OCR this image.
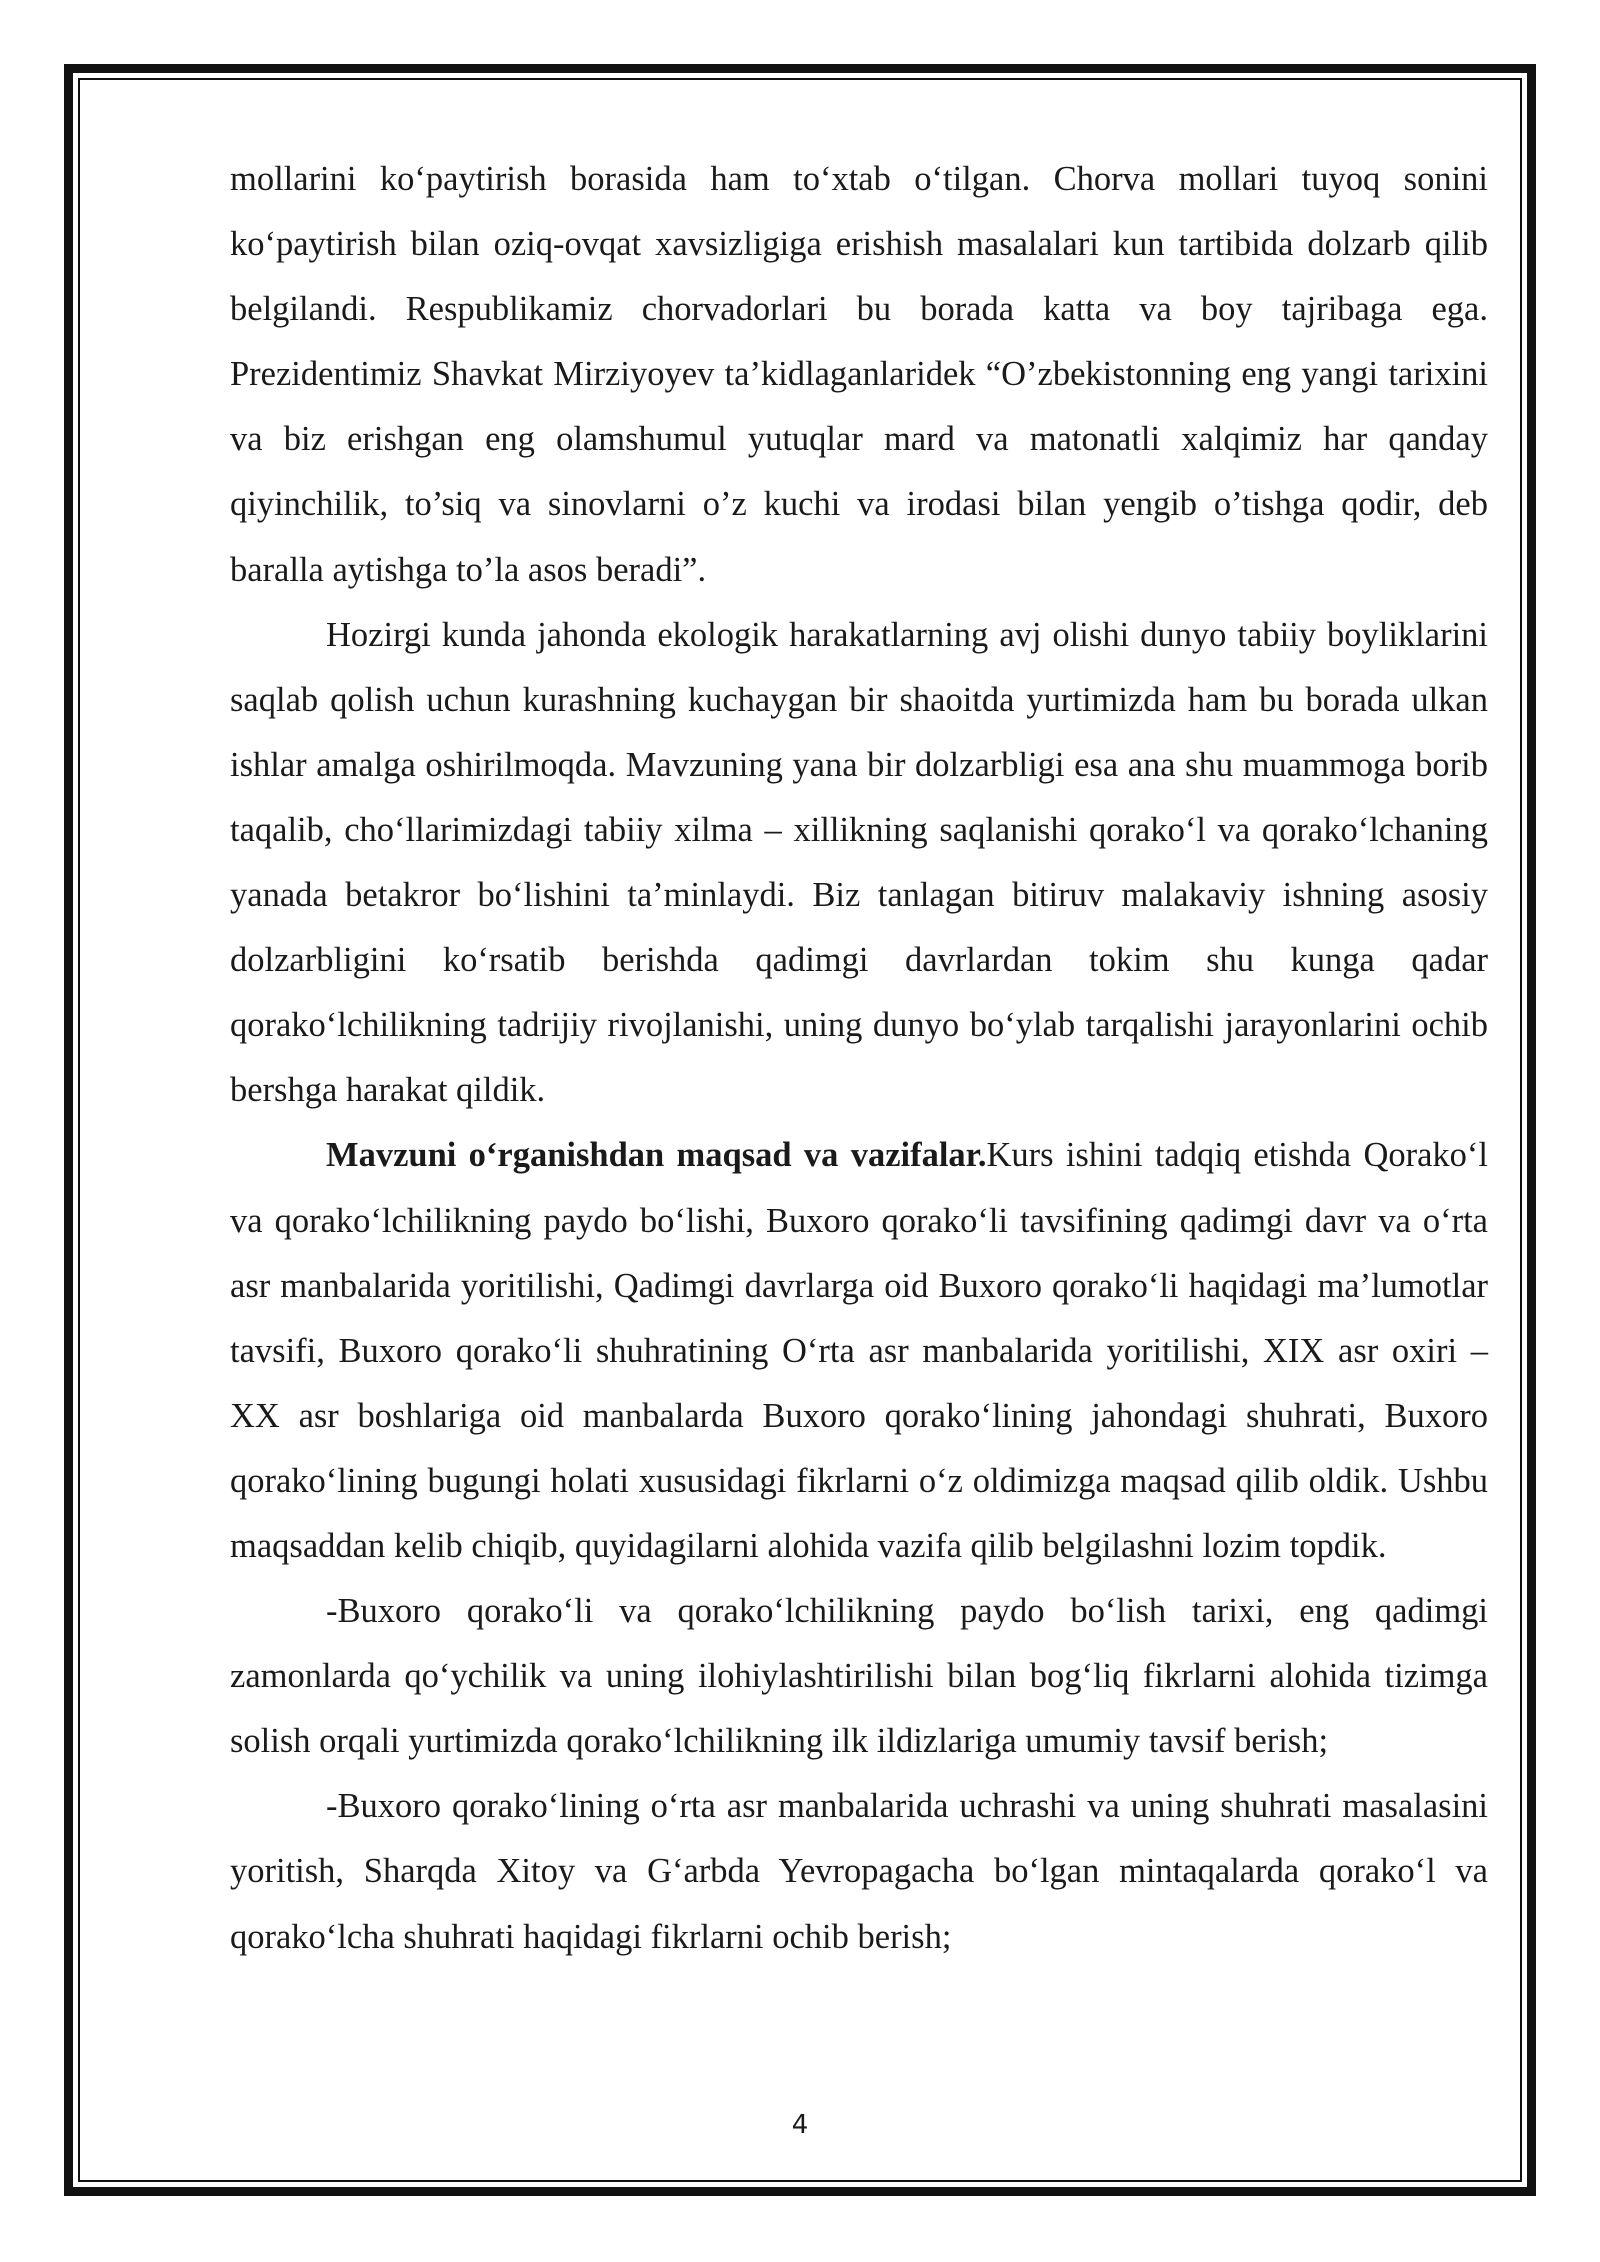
mollarini koʻpaytirish borasida ham toʻxtab oʻtilgan. Chorva mollari tuyoq sonini koʻpaytirish bilan oziq-ovqat xavsizligiga erishish masalalari kun tartibida dolzarb qilib belgilandi. Respublikamiz chorvadorlari bu borada katta va boy tajribaga ega. Prezidentimiz Shavkat Mirziyoyev ta’kidlaganlaridek “O’zbekistonning eng yangi tarixini va biz erishgan eng olamshumul yutuqlar mard va matonatli xalqimiz har qanday qiyinchilik, to’siq va sinovlarni o’z kuchi va irodasi bilan yengib o’tishga qodir, deb baralla aytishga to’la asos beradi”.

Hozirgi kunda jahonda ekologik harakatlarning avj olishi dunyo tabiiy boyliklarini saqlab qolish uchun kurashning kuchaygan bir shaoitda yurtimizda ham bu borada ulkan ishlar amalga oshirilmoqda. Mavzuning yana bir dolzarbligi esa ana shu muammoga borib taqalib, choʻllarimizdagi tabiiy xilma – xillikning saqlanishi qorakoʻl va qorakoʻlchaning yanada betakror boʻlishini ta’minlaydi. Biz tanlagan bitiruv malakaviy ishning asosiy dolzarbligini koʻrsatib berishda qadimgi davrlardan tokim shu kunga qadar qorakoʻlchilikning tadrijiy rivojlanishi, uning dunyo boʻylab tarqalishi jarayonlarini ochib bershga harakat qildik.

Mavzuni oʻrganishdan maqsad va vazifalar.Kurs ishini tadqiq etishda Qorakoʻl va qorakoʻlchilikning paydo boʻlishi, Buxoro qorakoʻli tavsifining qadimgi davr va oʻrta asr manbalarida yoritilishi, Qadimgi davrlarga oid Buxoro qorakoʻli haqidagi ma’lumotlar tavsifi, Buxoro qorakoʻli shuhratining Oʻrta asr manbalarida yoritilishi, XIX asr oxiri – XX asr boshlariga oid manbalarda Buxoro qorakoʻlining jahondagi shuhrati, Buxoro qorakoʻlining bugungi holati xususidagi fikrlarni oʻz oldimizga maqsad qilib oldik. Ushbu maqsaddan kelib chiqib, quyidagilarni alohida vazifa qilib belgilashni lozim topdik.

-Buxoro qorakoʻli va qorakoʻlchilikning paydo boʻlish tarixi, eng qadimgi zamonlarda qoʻychilik va uning ilohiylashtirilishi bilan bogʻliq fikrlarni alohida tizimga solish orqali yurtimizda qorakoʻlchilikning ilk ildizlariga umumiy tavsif berish;

-Buxoro qorakoʻlining oʻrta asr manbalarida uchrashi va uning shuhrati masalasini yoritish, Sharqda Xitoy va Gʻarbda Yevropagacha boʻlgan mintaqalarda qorakoʻl va qorakoʻlcha shuhrati haqidagi fikrlarni ochib berish;

4
